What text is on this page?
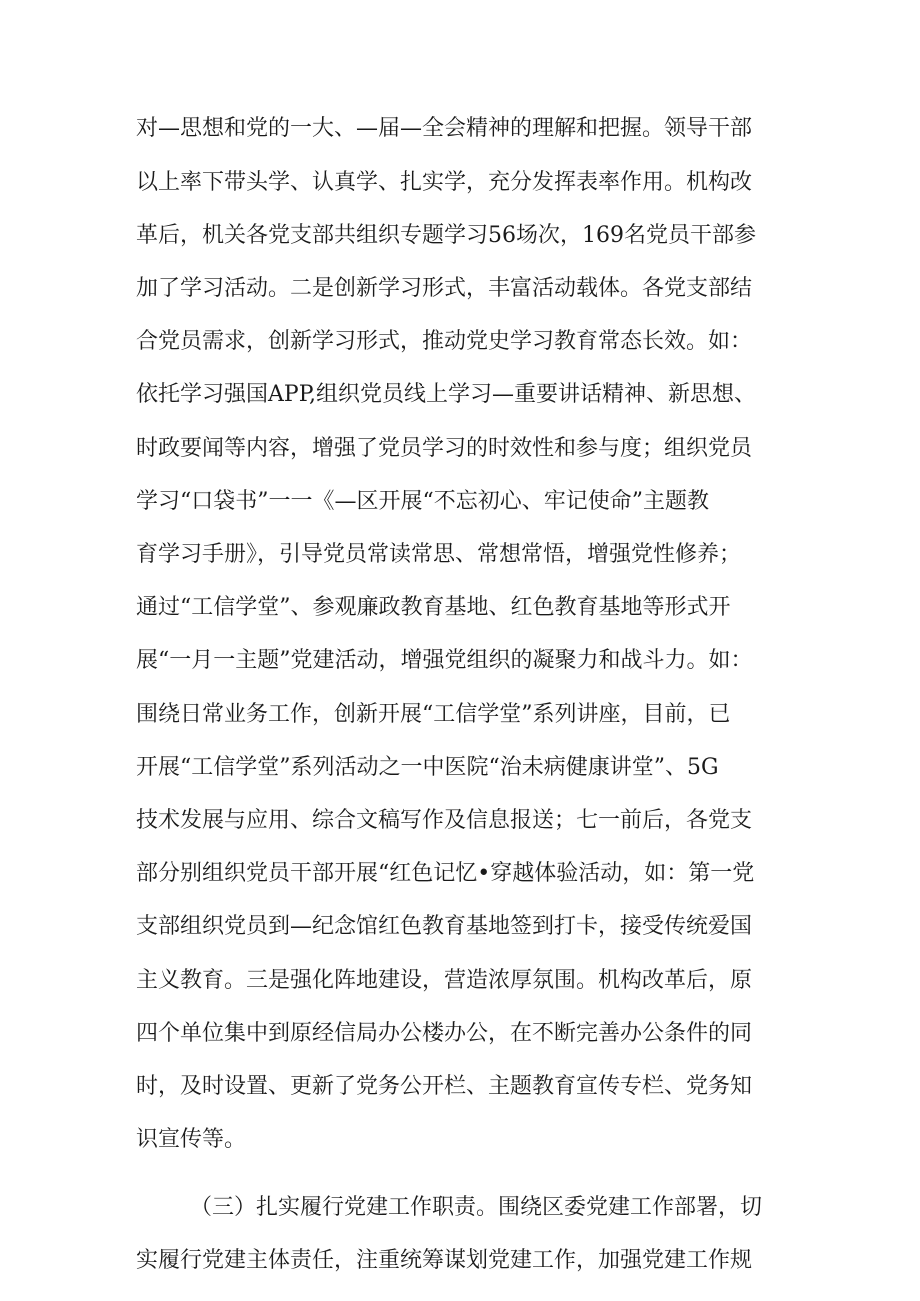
对—思想和党的一大、—届—全会精神的理解和把握。领导干部
以上率下带头学、认真学、扎实学，充分发挥表率作用。机构改
革后，机关各党支部共组织专题学习56场次，169名党员干部参
加了学习活动。二是创新学习形式，丰富活动载体。各党支部结
合党员需求，创新学习形式，推动党史学习教育常态长效。如：
依托学习强国APP,组织党员线上学习—重要讲话精神、新思想、
时政要闻等内容，增强了党员学习的时效性和参与度；组织党员
学习“口袋书”一一《—区开展“不忘初心、牢记使命”主题教
育学习手册》，引导党员常读常思、常想常悟，增强党性修养；
通过“工信学堂”、参观廉政教育基地、红色教育基地等形式开
展“一月一主题”党建活动，增强党组织的凝聚力和战斗力。如：
围绕日常业务工作，创新开展“工信学堂”系列讲座，目前，已
开展“工信学堂”系列活动之一中医院“治未病健康讲堂”、5G
技术发展与应用、综合文稿写作及信息报送；七一前后，各党支
部分别组织党员干部开展“红色记忆•穿越体验活动，如：第一党
支部组织党员到—纪念馆红色教育基地签到打卡，接受传统爱国
主义教育。三是强化阵地建设，营造浓厚氛围。机构改革后，原
四个单位集中到原经信局办公楼办公，在不断完善办公条件的同
时，及时设置、更新了党务公开栏、主题教育宣传专栏、党务知
识宣传等。
（三）扎实履行党建工作职责。围绕区委党建工作部署，切
实履行党建主体责任，注重统筹谋划党建工作，加强党建工作规
